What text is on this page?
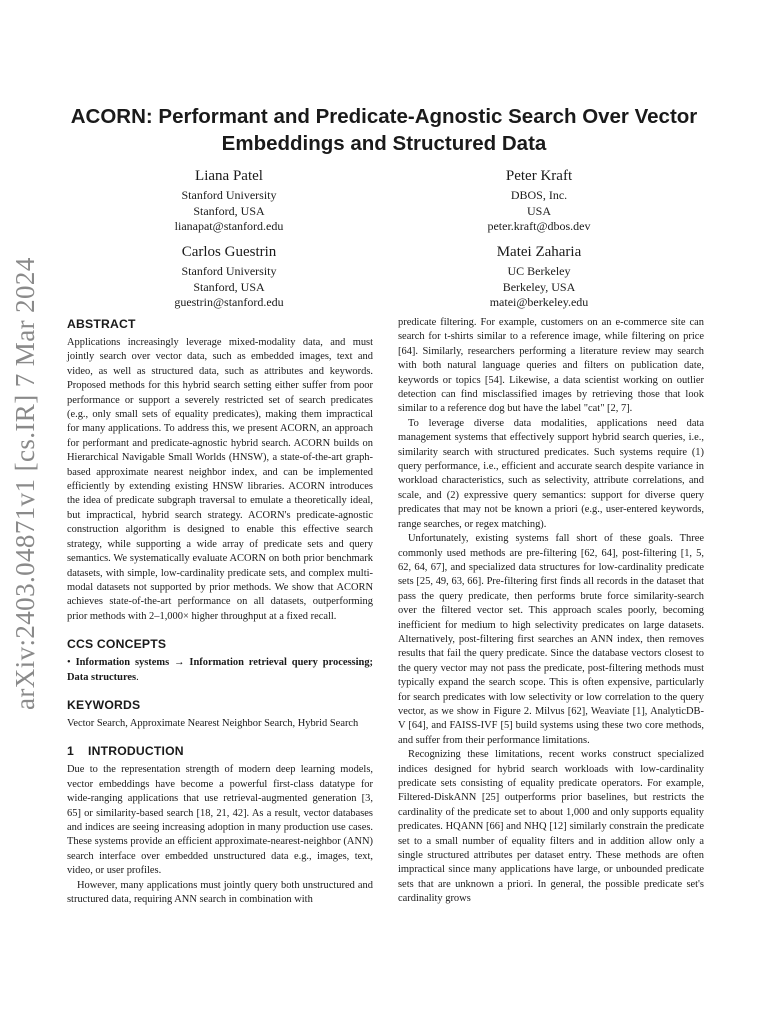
arXiv:2403.04871v1 [cs.IR] 7 Mar 2024
ACORN: Performant and Predicate-Agnostic Search Over Vector Embeddings and Structured Data
Liana Patel
Stanford University
Stanford, USA
lianapat@stanford.edu
Peter Kraft
DBOS, Inc.
USA
peter.kraft@dbos.dev
Carlos Guestrin
Stanford University
Stanford, USA
guestrin@stanford.edu
Matei Zaharia
UC Berkeley
Berkeley, USA
matei@berkeley.edu
ABSTRACT

Applications increasingly leverage mixed-modality data, and must jointly search over vector data, such as embedded images, text and video, as well as structured data, such as attributes and keywords. Proposed methods for this hybrid search setting either suffer from poor performance or support a severely restricted set of search predicates (e.g., only small sets of equality predicates), making them impractical for many applications. To address this, we present ACORN, an approach for performant and predicate-agnostic hybrid search. ACORN builds on Hierarchical Navigable Small Worlds (HNSW), a state-of-the-art graph-based approximate nearest neighbor index, and can be implemented efficiently by extending existing HNSW libraries. ACORN introduces the idea of predicate subgraph traversal to emulate a theoretically ideal, but impractical, hybrid search strategy. ACORN's predicate-agnostic construction algorithm is designed to enable this effective search strategy, while supporting a wide array of predicate sets and query semantics. We systematically evaluate ACORN on both prior benchmark datasets, with simple, low-cardinality predicate sets, and complex multi-modal datasets not supported by prior methods. We show that ACORN achieves state-of-the-art performance on all datasets, outperforming prior methods with 2–1,000× higher throughput at a fixed recall.

CCS CONCEPTS

• Information systems → Information retrieval query processing; Data structures.

KEYWORDS

Vector Search, Approximate Nearest Neighbor Search, Hybrid Search

1 INTRODUCTION

Due to the representation strength of modern deep learning models, vector embeddings have become a powerful first-class datatype for wide-ranging applications that use retrieval-augmented generation [3, 65] or similarity-based search [18, 21, 42]. As a result, vector databases and indices are seeing increasing adoption in many production use cases. These systems provide an efficient approximate-nearest-neighbor (ANN) search interface over embedded unstructured data e.g., images, text, video, or user profiles.

However, many applications must jointly query both unstructured and structured data, requiring ANN search in combination with

predicate filtering. For example, customers on an e-commerce site can search for t-shirts similar to a reference image, while filtering on price [64]. Similarly, researchers performing a literature review may search with both natural language queries and filters on publication date, keywords or topics [54]. Likewise, a data scientist working on outlier detection can find misclassified images by retrieving those that look similar to a reference dog but have the label "cat" [2, 7].

To leverage diverse data modalities, applications need data management systems that effectively support hybrid search queries, i.e., similarity search with structured predicates. Such systems require (1) query performance, i.e., efficient and accurate search despite variance in workload characteristics, such as selectivity, attribute correlations, and scale, and (2) expressive query semantics: support for diverse query predicates that may not be known a priori (e.g., user-entered keywords, range searches, or regex matching).

Unfortunately, existing systems fall short of these goals. Three commonly used methods are pre-filtering [62, 64], post-filtering [1, 5, 62, 64, 67], and specialized data structures for low-cardinality predicate sets [25, 49, 63, 66]. Pre-filtering first finds all records in the dataset that pass the query predicate, then performs brute force similarity-search over the filtered vector set. This approach scales poorly, becoming inefficient for medium to high selectivity predicates on large datasets. Alternatively, post-filtering first searches an ANN index, then removes results that fail the query predicate. Since the database vectors closest to the query vector may not pass the predicate, post-filtering methods must typically expand the search scope. This is often expensive, particularly for search predicates with low selectivity or low correlation to the query vector, as we show in Figure 2. Milvus [62], Weaviate [1], AnalyticDB-V [64], and FAISS-IVF [5] build systems using these two core methods, and suffer from their performance limitations.

Recognizing these limitations, recent works construct specialized indices designed for hybrid search workloads with low-cardinality predicate sets consisting of equality predicate operators. For example, Filtered-DiskANN [25] outperforms prior baselines, but restricts the cardinality of the predicate set to about 1,000 and only supports equality predicates. HQANN [66] and NHQ [12] similarly constrain the predicate set to a small number of equality filters and in addition allow only a single structured attributes per dataset entry. These methods are often impractical since many applications have large, or unbounded predicate sets that are unknown a priori. In general, the possible predicate set's cardinality grows
